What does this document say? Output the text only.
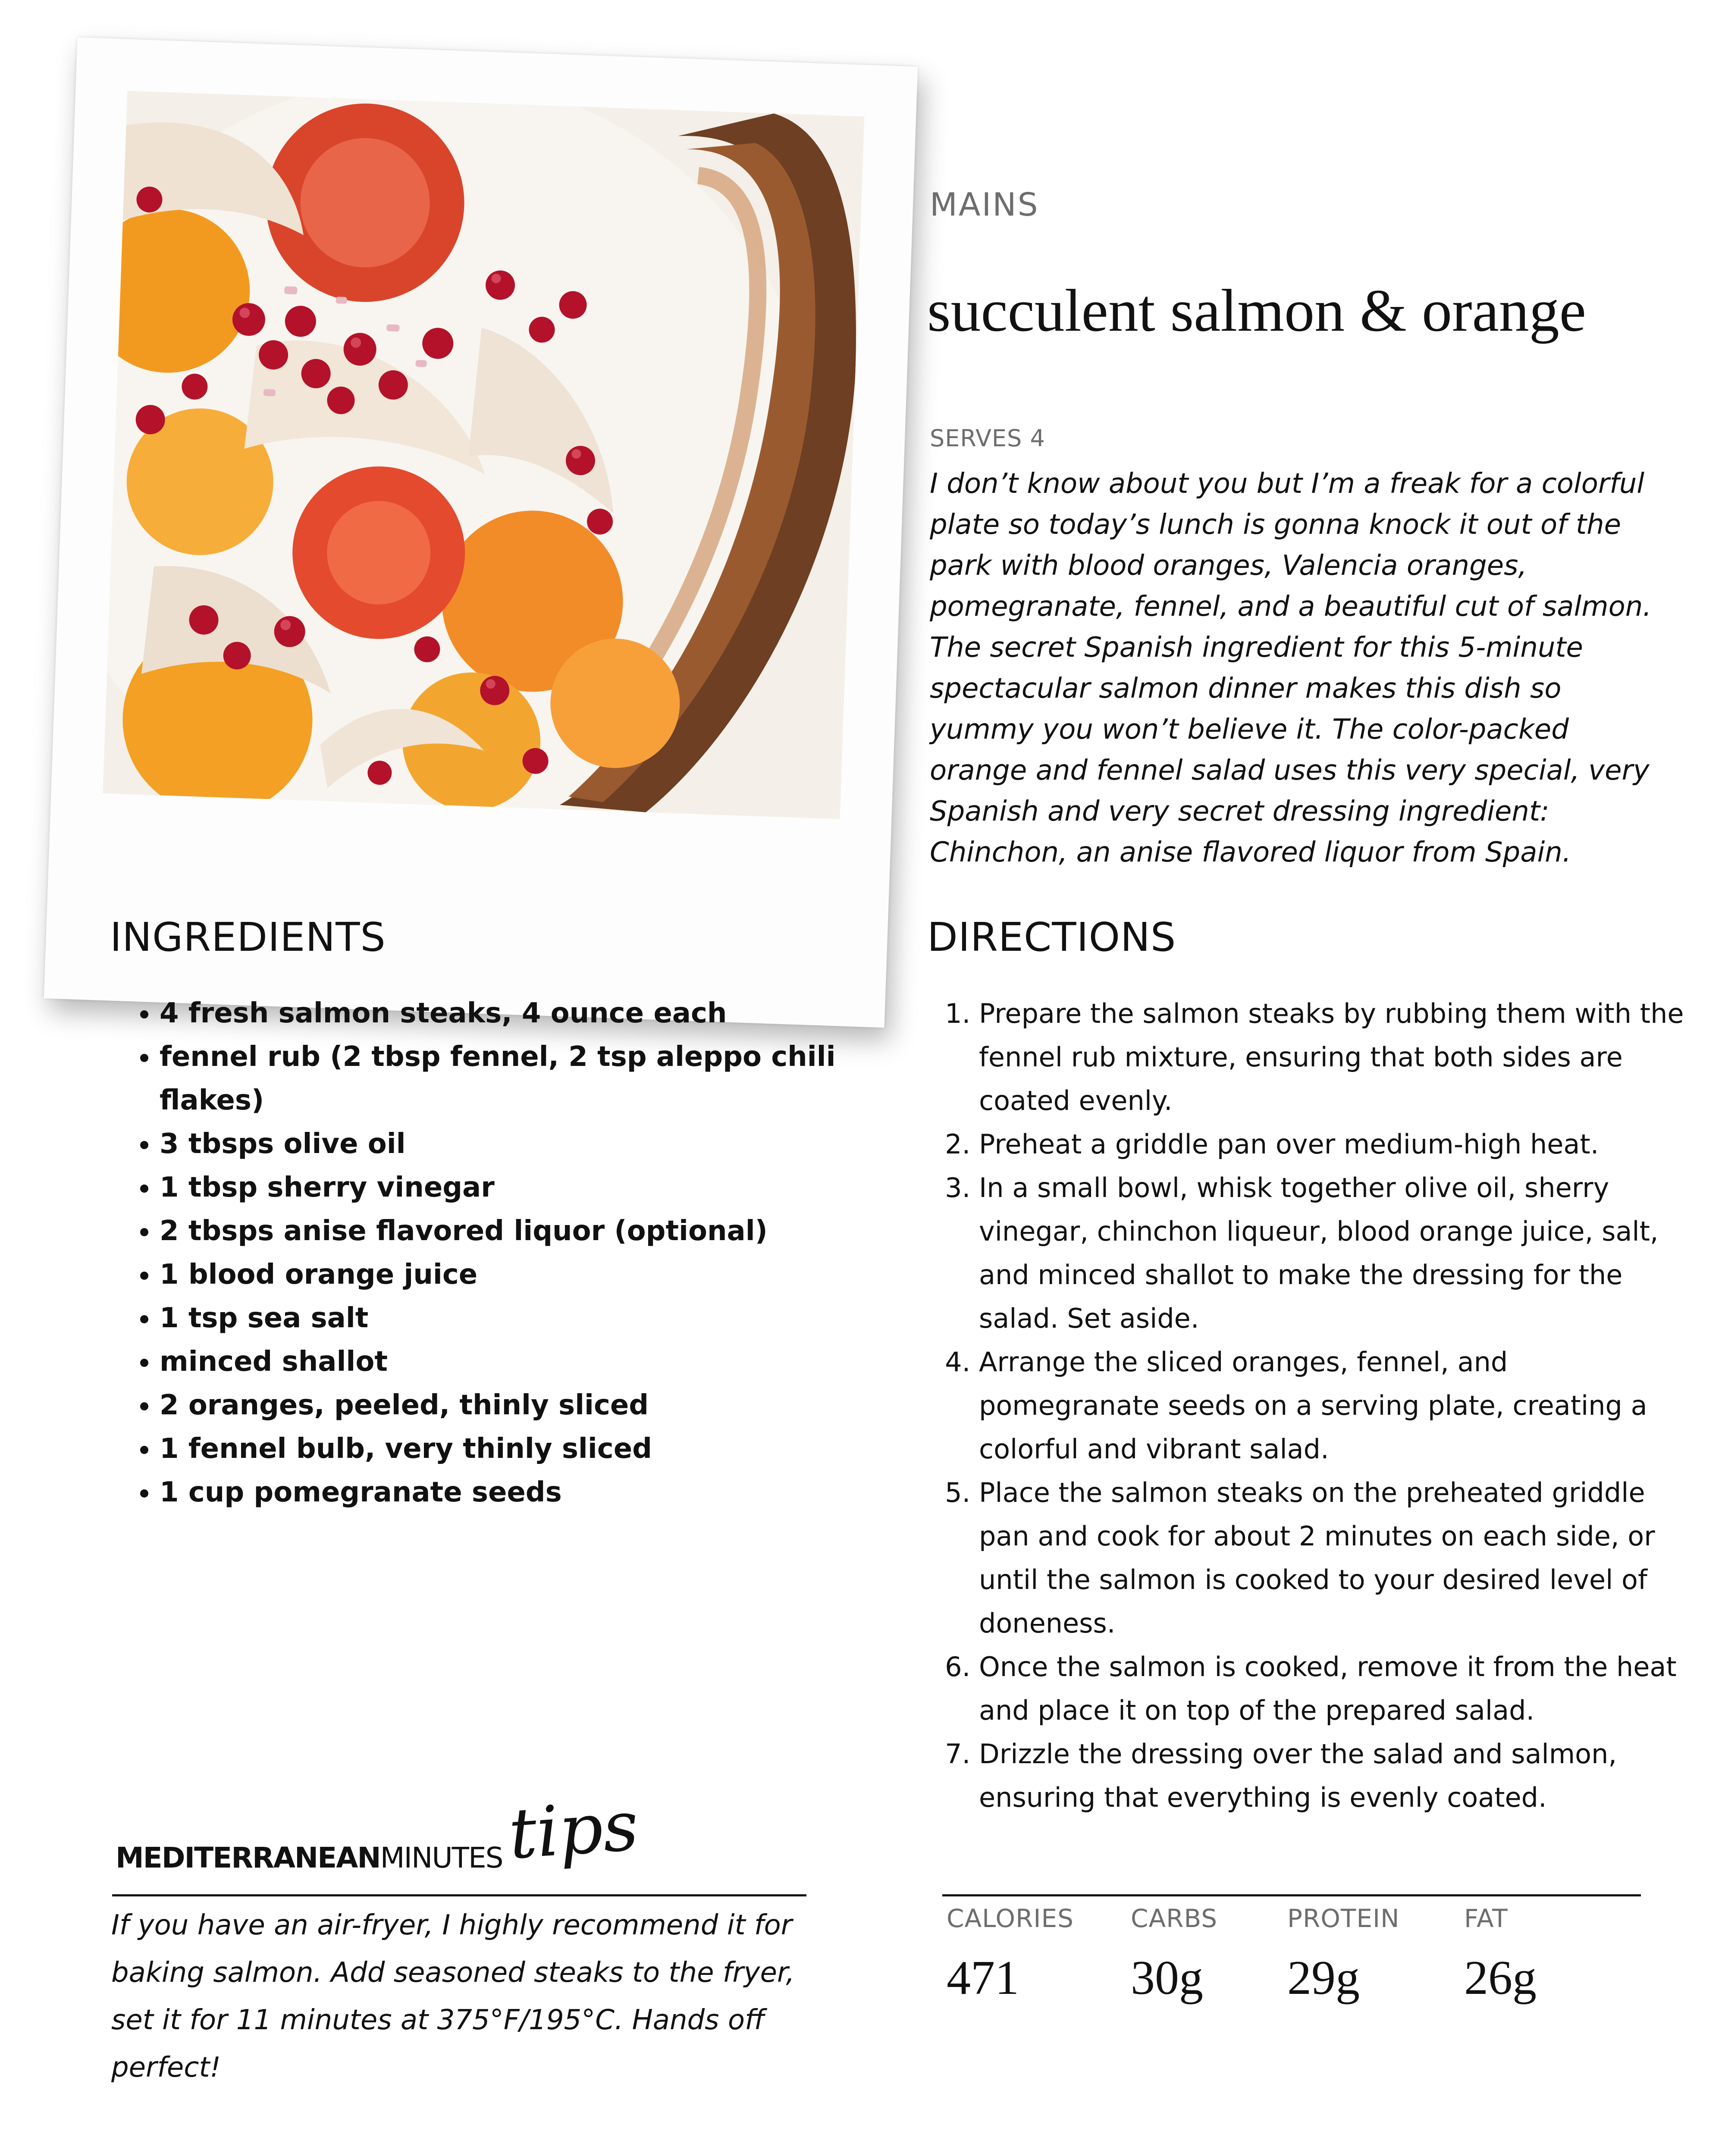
MAINS
succulent salmon & orange
SERVES 4

I don’t know about you but I’m a freak for a colorful plate so today’s lunch is gonna knock it out of the park with blood oranges, Valencia oranges, pomegranate, fennel, and a beautiful cut of salmon. The secret Spanish ingredient for this 5-minute spectacular salmon dinner makes this dish so yummy you won’t believe it. The color-packed orange and fennel salad uses this very special, very Spanish and very secret dressing ingredient: Chinchon, an anise flavored liquor from Spain.

INGREDIENTS
• 4 fresh salmon steaks, 4 ounce each
• fennel rub (2 tbsp fennel, 2 tsp aleppo chili flakes)
• 3 tbsps olive oil
• 1 tbsp sherry vinegar
• 2 tbsps anise flavored liquor (optional)
• 1 blood orange juice
• 1 tsp sea salt
• minced shallot
• 2 oranges, peeled, thinly sliced
• 1 fennel bulb, very thinly sliced
• 1 cup pomegranate seeds
DIRECTIONS
1. Prepare the salmon steaks by rubbing them with the fennel rub mixture, ensuring that both sides are coated evenly.
2. Preheat a griddle pan over medium-high heat.
3. In a small bowl, whisk together olive oil, sherry vinegar, chinchon liqueur, blood orange juice, salt, and minced shallot to make the dressing for the salad. Set aside.
4. Arrange the sliced oranges, fennel, and pomegranate seeds on a serving plate, creating a colorful and vibrant salad.
5. Place the salmon steaks on the preheated griddle pan and cook for about 2 minutes on each side, or until the salmon is cooked to your desired level of doneness.
6. Once the salmon is cooked, remove it from the heat and place it on top of the prepared salad.
7. Drizzle the dressing over the salad and salmon, ensuring that everything is evenly coated.
MEDITERRANEANMINUTES tips

If you have an air-fryer, I highly recommend it for baking salmon. Add seasoned steaks to the fryer, set it for 11 minutes at 375°F/195°C. Hands off perfect!

CALORIES
471
CARBS
30g
PROTEIN
29g
FAT
26g
